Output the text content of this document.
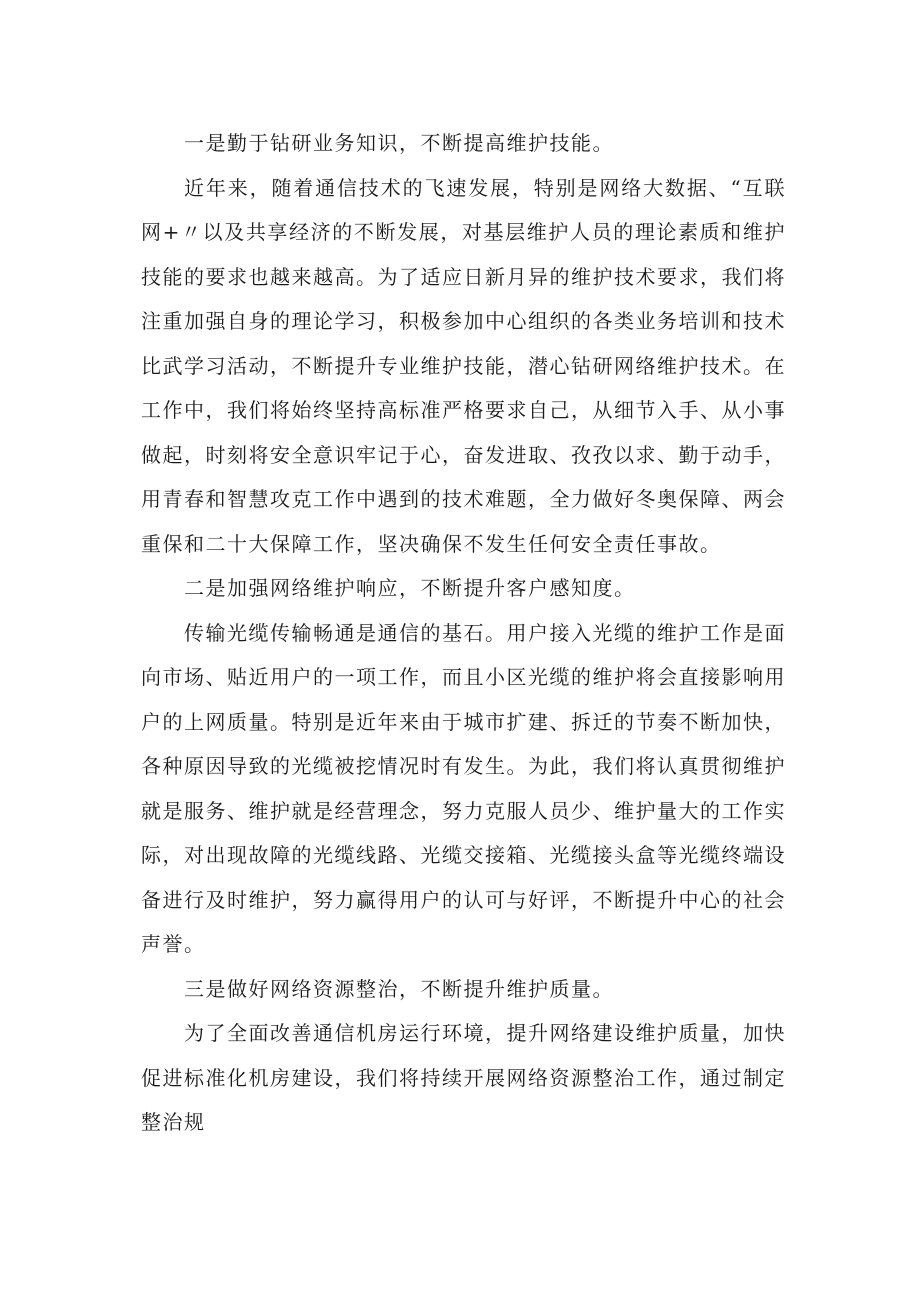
一是勤于钻研业务知识，不断提高维护技能。

近年来，随着通信技术的飞速发展，特别是网络大数据、“互联网+〃以及共享经济的不断发展，对基层维护人员的理论素质和维护技能的要求也越来越高。为了适应日新月异的维护技术要求，我们将注重加强自身的理论学习，积极参加中心组织的各类业务培训和技术比武学习活动，不断提升专业维护技能，潜心钻研网络维护技术。在工作中，我们将始终坚持高标准严格要求自己，从细节入手、从小事做起，时刻将安全意识牢记于心，奋发进取、孜孜以求、勤于动手，用青春和智慧攻克工作中遇到的技术难题，全力做好冬奥保障、两会重保和二十大保障工作，坚决确保不发生任何安全责任事故。

二是加强网络维护响应，不断提升客户感知度。

传输光缆传输畅通是通信的基石。用户接入光缆的维护工作是面向市场、贴近用户的一项工作，而且小区光缆的维护将会直接影响用户的上网质量。特别是近年来由于城市扩建、拆迁的节奏不断加快，各种原因导致的光缆被挖情况时有发生。为此，我们将认真贯彻维护就是服务、维护就是经营理念，努力克服人员少、维护量大的工作实际，对出现故障的光缆线路、光缆交接箱、光缆接头盒等光缆终端设备进行及时维护，努力赢得用户的认可与好评，不断提升中心的社会声誉。

三是做好网络资源整治，不断提升维护质量。

为了全面改善通信机房运行环境，提升网络建设维护质量，加快促进标准化机房建设，我们将持续开展网络资源整治工作，通过制定整治规
